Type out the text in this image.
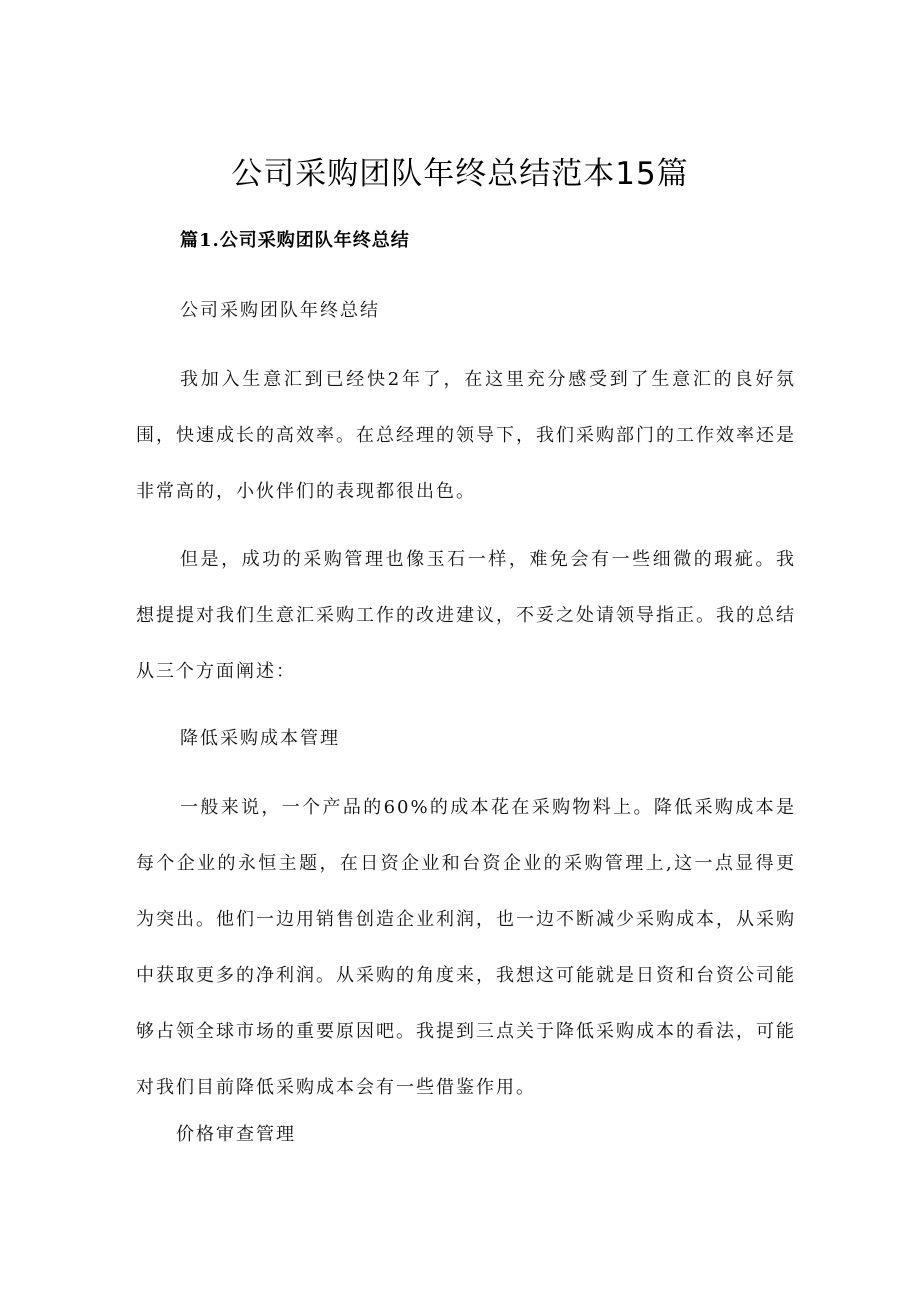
公司采购团队年终总结范本15篇
篇1.公司采购团队年终总结

公司采购团队年终总结

我加入生意汇到已经快2年了，在这里充分感受到了生意汇的良好氛围，快速成长的高效率。在总经理的领导下，我们采购部门的工作效率还是非常高的，小伙伴们的表现都很出色。

但是，成功的采购管理也像玉石一样，难免会有一些细微的瑕疵。我想提提对我们生意汇采购工作的改进建议，不妥之处请领导指正。我的总结从三个方面阐述：

降低采购成本管理

一般来说，一个产品的60%的成本花在采购物料上。降低采购成本是每个企业的永恒主题，在日资企业和台资企业的采购管理上,这一点显得更为突出。他们一边用销售创造企业利润，也一边不断减少采购成本，从采购中获取更多的净利润。从采购的角度来，我想这可能就是日资和台资公司能够占领全球市场的重要原因吧。我提到三点关于降低采购成本的看法，可能对我们目前降低采购成本会有一些借鉴作用。

价格审查管理
